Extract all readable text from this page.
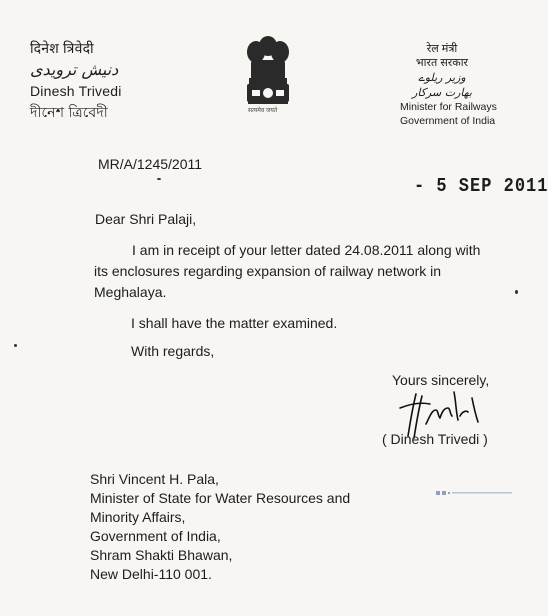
दिनेश त्रिवेदी
دنیش ترویدی
Dinesh Trivedi
দীনেশ ত্রিবেদী	सत्यमेव जयते
रेल मंत्री
भारत सरकार
وزیر ریلوے
بھارت سرکار
Minister for Railways
Government of India
MR/A/1245/2011
- 5 SEP 2011
Dear Shri Palaji,
I am in receipt of your letter dated 24.08.2011 along with its enclosures regarding expansion of railway network in Meghalaya.
I shall have the matter examined.
With regards,
Yours sincerely,
( Dinesh Trivedi )
Shri Vincent H. Pala,
Minister of State for Water Resources and
Minority Affairs,
Government of India,
Shram Shakti Bhawan,
New Delhi-110 001.
